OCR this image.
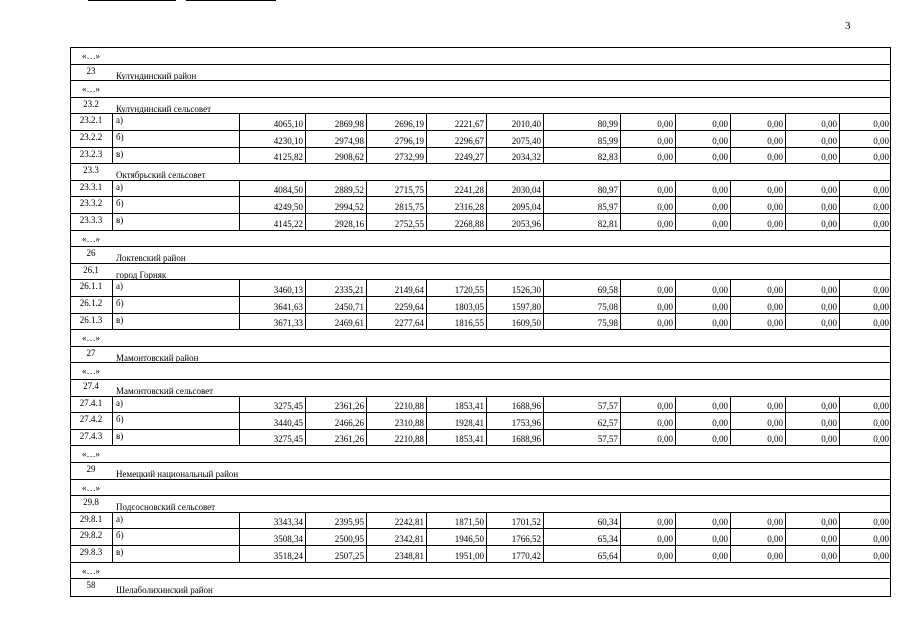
3
«…»
23	Кулундинский район
«…»
23.2	Кулундинский сельсовет
23.2.1	а)	4065,10	2869,98	2696,19	2221,67	2010,40	80,99	0,00	0,00	0,00	0,00	0,00
23.2.2	б)	4230,10	2974,98	2796,19	2296,67	2075,40	85,99	0,00	0,00	0,00	0,00	0,00
23.2.3	в)	4125,82	2908,62	2732,99	2249,27	2034,32	82,83	0,00	0,00	0,00	0,00	0,00
23.3	Октябрьский сельсовет
23.3.1	а)	4084,50	2889,52	2715,75	2241,28	2030,04	80,97	0,00	0,00	0,00	0,00	0,00
23.3.2	б)	4249,50	2994,52	2815,75	2316,28	2095,04	85,97	0,00	0,00	0,00	0,00	0,00
23.3.3	в)	4145,22	2928,16	2752,55	2268,88	2053,96	82,81	0,00	0,00	0,00	0,00	0,00
«…»
26	Локтевский район
26.1	город Горняк
26.1.1	а)	3460,13	2335,21	2149,64	1720,55	1526,30	69,58	0,00	0,00	0,00	0,00	0,00
26.1.2	б)	3641,63	2450,71	2259,64	1803,05	1597,80	75,08	0,00	0,00	0,00	0,00	0,00
26.1.3	в)	3671,33	2469,61	2277,64	1816,55	1609,50	75,98	0,00	0,00	0,00	0,00	0,00
«…»
27	Мамонтовский район
«…»
27.4	Мамонтовский сельсовет
27.4.1	а)	3275,45	2361,26	2210,88	1853,41	1688,96	57,57	0,00	0,00	0,00	0,00	0,00
27.4.2	б)	3440,45	2466,26	2310,88	1928,41	1753,96	62,57	0,00	0,00	0,00	0,00	0,00
27.4.3	в)	3275,45	2361,26	2210,88	1853,41	1688,96	57,57	0,00	0,00	0,00	0,00	0,00
«…»
29	Немецкий национальный район
«…»
29.8	Подсосновский сельсовет
29.8.1	а)	3343,34	2395,95	2242,81	1871,50	1701,52	60,34	0,00	0,00	0,00	0,00	0,00
29.8.2	б)	3508,34	2500,95	2342,81	1946,50	1766,52	65,34	0,00	0,00	0,00	0,00	0,00
29.8.3	в)	3518,24	2507,25	2348,81	1951,00	1770,42	65,64	0,00	0,00	0,00	0,00	0,00
«…»
58	Шелаболихинский район
